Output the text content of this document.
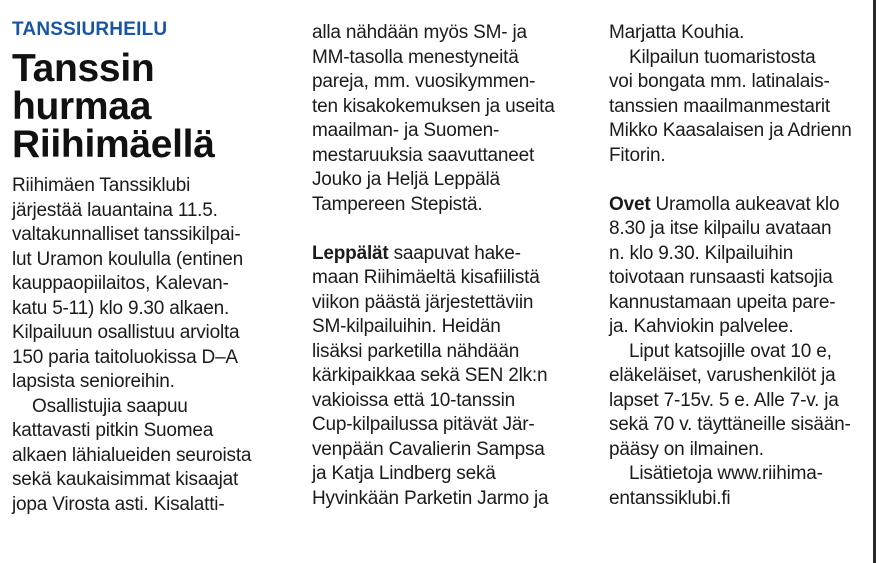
TANSSIURHEILU
Tanssin
hurmaa
Riihimäellä
Riihimäen Tanssiklubi
järjestää lauantaina 11.5.
valtakunnalliset tanssikilpai-
lut Uramon koululla (entinen
kauppaopiilaitos, Kalevan-
katu 5-11) klo 9.30 alkaen.
Kilpailuun osallistuu arviolta
150 paria taitoluokissa D–A
lapsista senioreihin.
Osallistujia saapuu
kattavasti pitkin Suomea
alkaen lähialueiden seuroista
sekä kaukaisimmat kisaajat
jopa Virosta asti. Kisalatti-
alla nähdään myös SM- ja
MM-tasolla menestyneitä
pareja, mm. vuosikymmen-
ten kisakokemuksen ja useita
maailman- ja Suomen-
mestaruuksia saavuttaneet
Jouko ja Heljä Leppälä
Tampereen Stepistä.
Leppälät saapuvat hake-
maan Riihimäeltä kisafiilistä
viikon päästä järjestettäviin
SM-kilpailuihin. Heidän
lisäksi parketilla nähdään
kärkipaikkaa sekä SEN 2lk:n
vakioissa että 10-tanssin
Cup-kilpailussa pitävät Jär-
venpään Cavalierin Sampsa
ja Katja Lindberg sekä
Hyvinkään Parketin Jarmo ja
Marjatta Kouhia.
Kilpailun tuomaristosta
voi bongata mm. latinalais-
tanssien maailmanmestarit
Mikko Kaasalaisen ja Adrienn
Fitorin.
Ovet Uramolla aukeavat klo
8.30 ja itse kilpailu avataan
n. klo 9.30. Kilpailuihin
toivotaan runsaasti katsojia
kannustamaan upeita pare-
ja. Kahviokin palvelee.
Liput katsojille ovat 10 e,
eläkeläiset, varushenkilöt ja
lapset 7-15v. 5 e. Alle 7-v. ja
sekä 70 v. täyttäneille sisään-
pääsy on ilmainen.
Lisätietoja www.riihima-
entanssiklubi.fi
